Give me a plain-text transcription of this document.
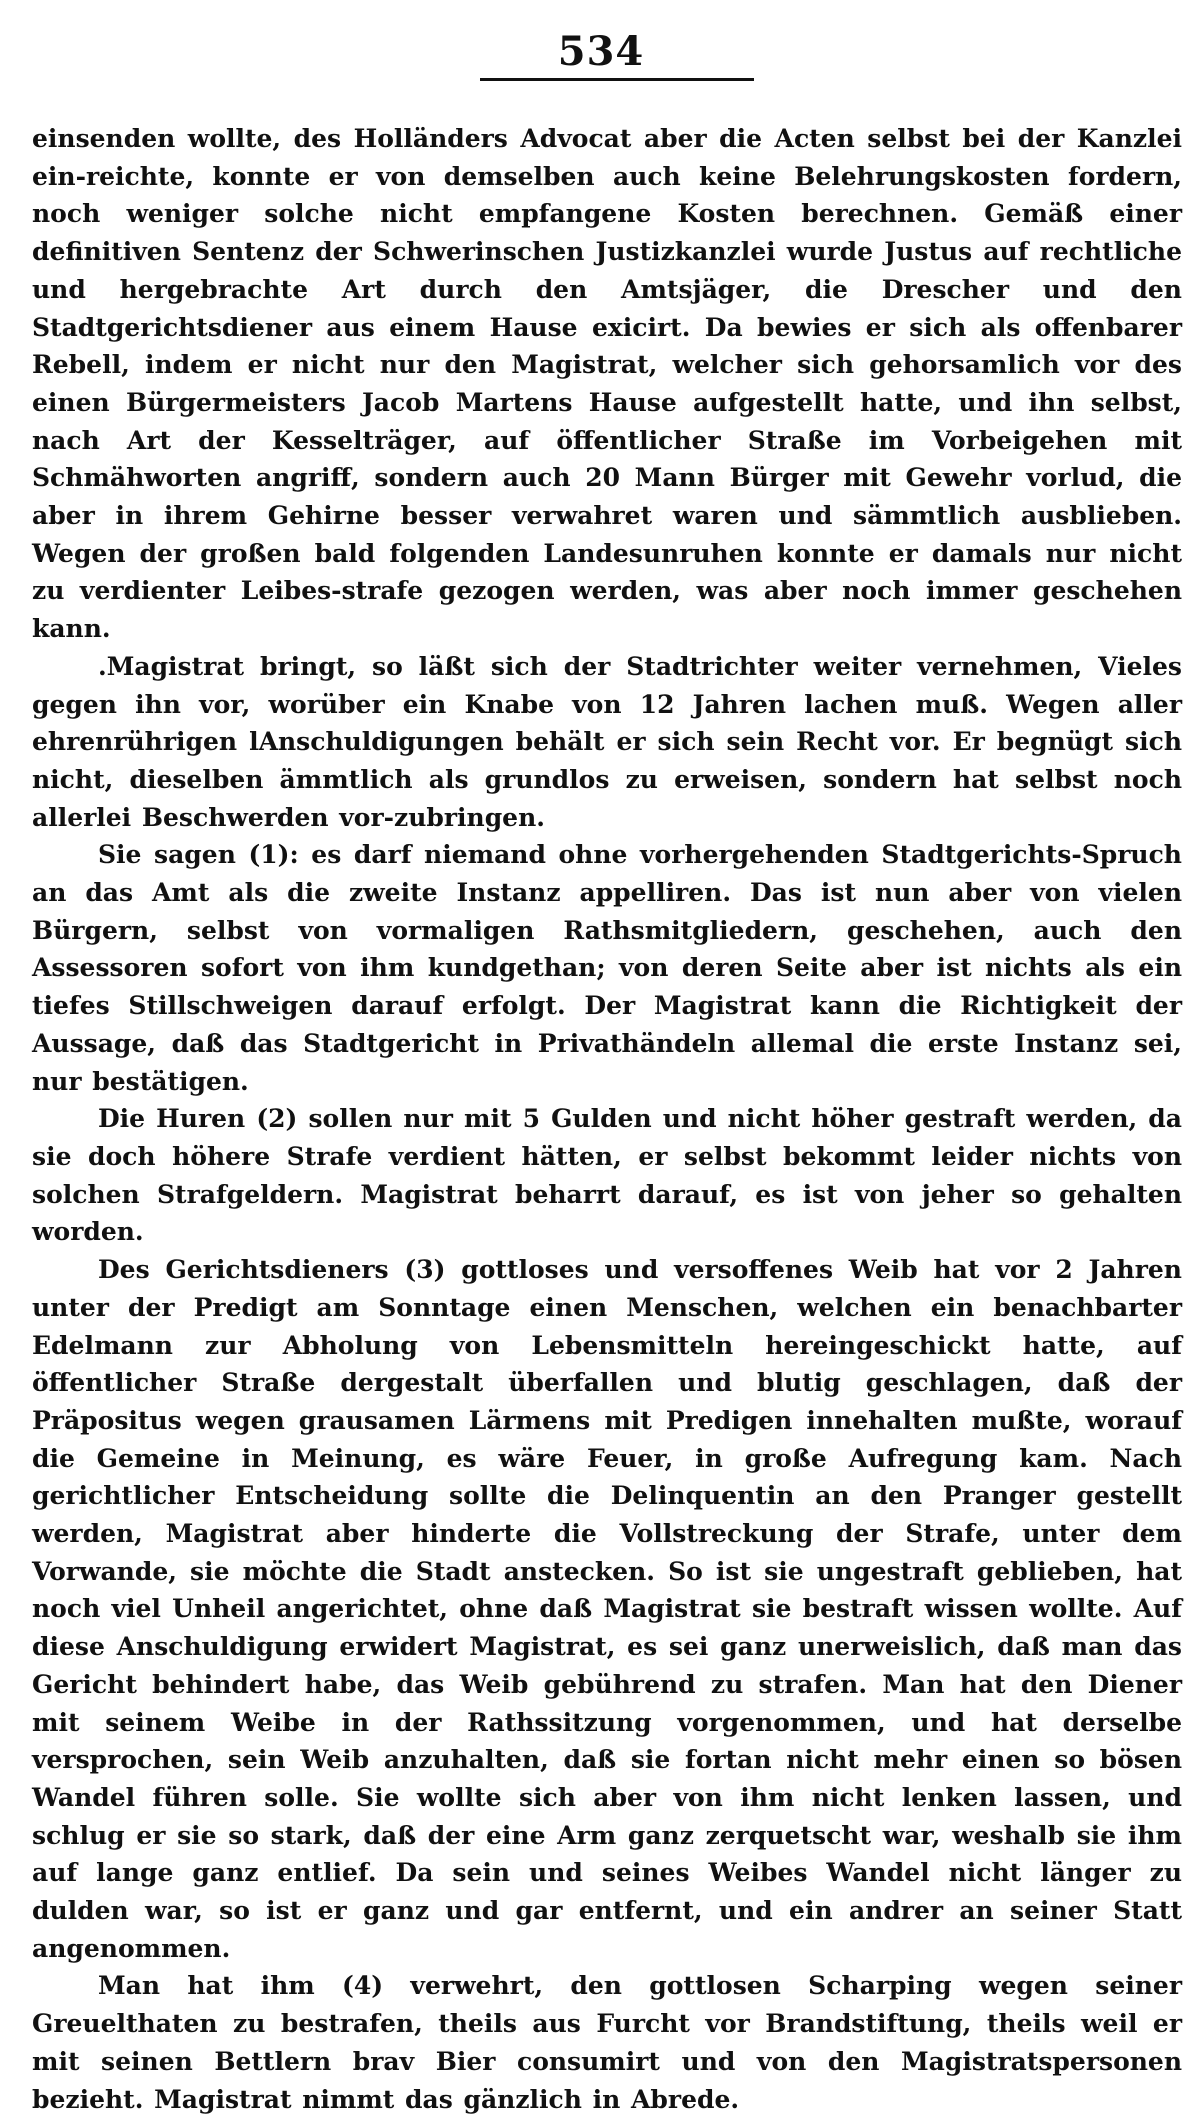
534

einsenden wollte, des Holländers Advocat aber die Acten selbst bei der Kanzlei ein-reichte, konnte er von demselben auch keine Belehrungskosten fordern, noch weniger solche nicht empfangene Kosten berechnen. Gemäß einer definitiven Sentenz der Schwerinschen Justizkanzlei wurde Justus auf rechtliche und hergebrachte Art durch den Amtsjäger, die Drescher und den Stadtgerichtsdiener aus einem Hause exicirt. Da bewies er sich als offenbarer Rebell, indem er nicht nur den Magistrat, welcher sich gehorsamlich vor des einen Bürgermeisters Jacob Martens Hause aufgestellt hatte, und ihn selbst, nach Art der Kesselträger, auf öffentlicher Straße im Vorbeigehen mit Schmähworten angriff, sondern auch 20 Mann Bürger mit Gewehr vorlud, die aber in ihrem Gehirne besser verwahret waren und sämmtlich ausblieben. Wegen der großen bald folgenden Landesunruhen konnte er damals nur nicht zu verdienter Leibes-strafe gezogen werden, was aber noch immer geschehen kann.

.Magistrat bringt, so läßt sich der Stadtrichter weiter vernehmen, Vieles gegen ihn vor, worüber ein Knabe von 12 Jahren lachen muß. Wegen aller ehrenrührigen lAnschuldigungen behält er sich sein Recht vor. Er begnügt sich nicht, dieselben ämmtlich als grundlos zu erweisen, sondern hat selbst noch allerlei Beschwerden vor-zubringen.

Sie sagen (1): es darf niemand ohne vorhergehenden Stadtgerichts-Spruch an das Amt als die zweite Instanz appelliren. Das ist nun aber von vielen Bürgern, selbst von vormaligen Rathsmitgliedern, geschehen, auch den Assessoren sofort von ihm kundgethan; von deren Seite aber ist nichts als ein tiefes Stillschweigen darauf erfolgt. Der Magistrat kann die Richtigkeit der Aussage, daß das Stadtgericht in Privathändeln allemal die erste Instanz sei, nur bestätigen.

Die Huren (2) sollen nur mit 5 Gulden und nicht höher gestraft werden, da sie doch höhere Strafe verdient hätten, er selbst bekommt leider nichts von solchen Strafgeldern. Magistrat beharrt darauf, es ist von jeher so gehalten worden.

Des Gerichtsdieners (3) gottloses und versoffenes Weib hat vor 2 Jahren unter der Predigt am Sonntage einen Menschen, welchen ein benachbarter Edelmann zur Abholung von Lebensmitteln hereingeschickt hatte, auf öffentlicher Straße dergestalt überfallen und blutig geschlagen, daß der Präpositus wegen grausamen Lärmens mit Predigen innehalten mußte, worauf die Gemeine in Meinung, es wäre Feuer, in große Aufregung kam. Nach gerichtlicher Entscheidung sollte die Delinquentin an den Pranger gestellt werden, Magistrat aber hinderte die Vollstreckung der Strafe, unter dem Vorwande, sie möchte die Stadt anstecken. So ist sie ungestraft geblieben, hat noch viel Unheil angerichtet, ohne daß Magistrat sie bestraft wissen wollte. Auf diese Anschuldigung erwidert Magistrat, es sei ganz unerweislich, daß man das Gericht behindert habe, das Weib gebührend zu strafen. Man hat den Diener mit seinem Weibe in der Rathssitzung vorgenommen, und hat derselbe versprochen, sein Weib anzuhalten, daß sie fortan nicht mehr einen so bösen Wandel führen solle. Sie wollte sich aber von ihm nicht lenken lassen, und schlug er sie so stark, daß der eine Arm ganz zerquetscht war, weshalb sie ihm auf lange ganz entlief. Da sein und seines Weibes Wandel nicht länger zu dulden war, so ist er ganz und gar entfernt, und ein andrer an seiner Statt angenommen.

Man hat ihm (4) verwehrt, den gottlosen Scharping wegen seiner Greuelthaten zu bestrafen, theils aus Furcht vor Brandstiftung, theils weil er mit seinen Bettlern brav Bier consumirt und von den Magistratspersonen bezieht. Magistrat nimmt das gänzlich in Abrede.
